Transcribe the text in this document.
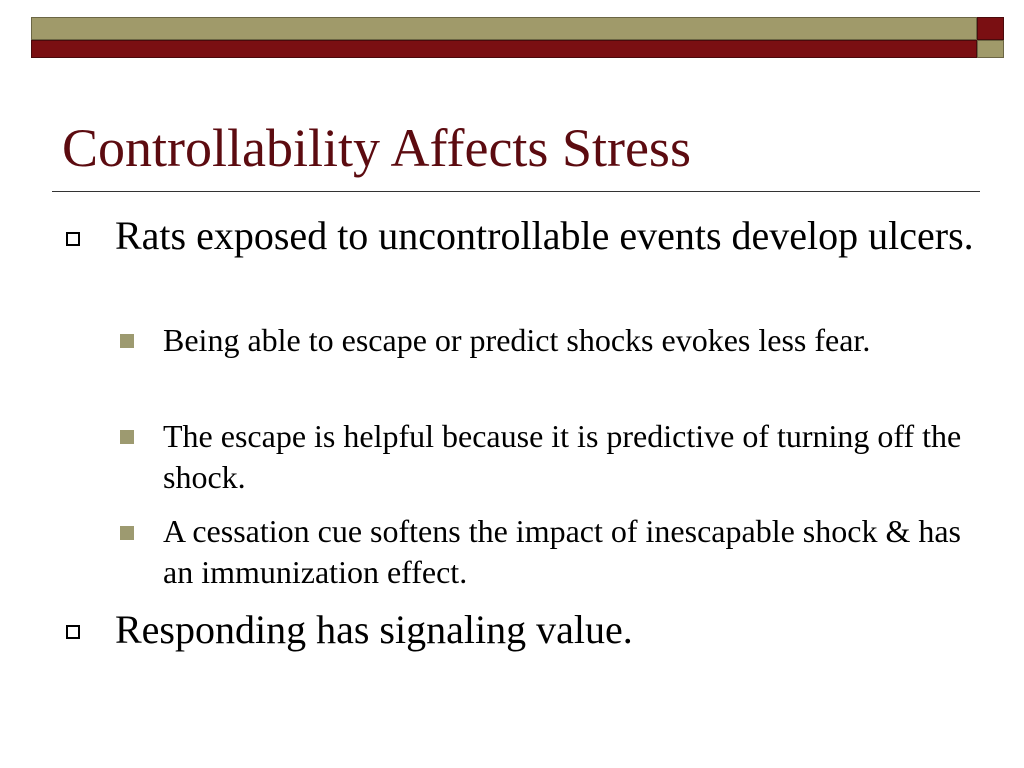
Controllability Affects Stress
Rats exposed to uncontrollable events develop ulcers.
Being able to escape or predict shocks evokes less fear.
The escape is helpful because it is predictive of turning off the shock.
A cessation cue softens the impact of inescapable shock & has an immunization effect.
Responding has signaling value.
